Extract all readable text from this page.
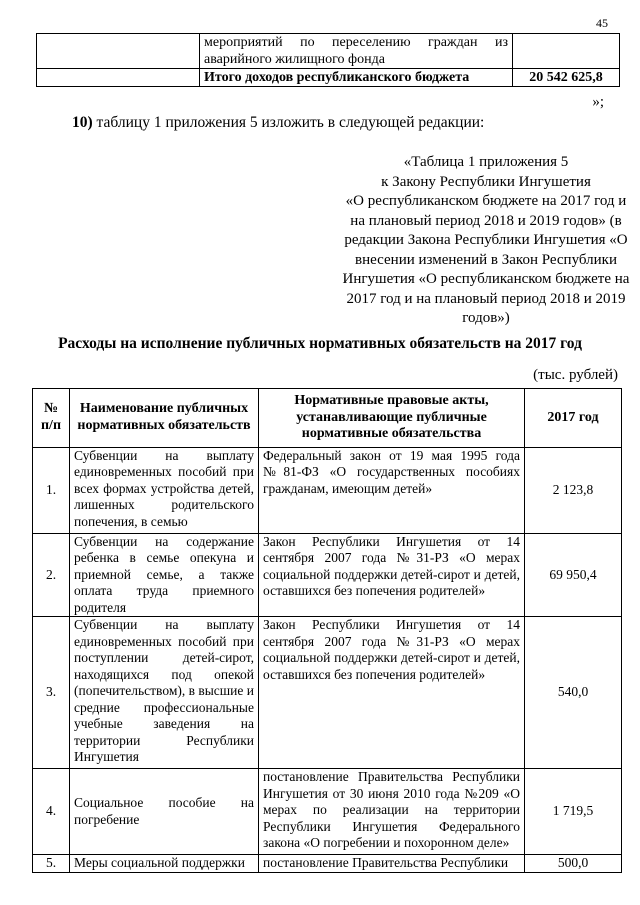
45
	мероприятий по переселению граждан из аварийного жилищного фонда	
	Итого доходов республиканского бюджета	20 542 625,8
»;
10) таблицу 1 приложения 5 изложить в следующей редакции:
«Таблица 1 приложения 5
к Закону Республики Ингушетия
«О республиканском бюджете на 2017 год и на плановый период 2018 и 2019 годов» (в редакции Закона Республики Ингушетия «О внесении изменений в Закон Республики Ингушетия «О республиканском бюджете на 2017 год и на плановый период 2018 и 2019 годов»)
Расходы на исполнение публичных нормативных обязательств на 2017 год
(тыс. рублей)
№ п/п	Наименование публичных нормативных обязательств	Нормативные правовые акты, устанавливающие публичные нормативные обязательства	2017 год
1.	Субвенции на выплату единовременных пособий при всех формах устройства детей, лишенных родительского попечения, в семью	Федеральный закон от 19 мая 1995 года №81-ФЗ «О государственных пособиях гражданам, имеющим детей»	2 123,8
2.	Субвенции на содержание ребенка в семье опекуна и приемной семье, а также оплата труда приемного родителя	Закон Республики Ингушетия от 14 сентября 2007 года №31-РЗ «О мерах социальной поддержки детей-сирот и детей, оставшихся без попечения родителей»	69 950,4
3.	Субвенции на выплату единовременных пособий при поступлении детей-сирот, находящихся под опекой (попечительством), в высшие и средние профессиональные учебные заведения на территории Республики Ингушетия	Закон Республики Ингушетия от 14 сентября 2007 года №31-РЗ «О мерах социальной поддержки детей-сирот и детей, оставшихся без попечения родителей»	540,0
4.	Социальное пособие на погребение	постановление Правительства Республики Ингушетия от 30 июня 2010 года №209 «О мерах по реализации на территории Республики Ингушетия Федерального закона «О погребении и похоронном деле»	1 719,5
5.	Меры социальной поддержки	постановление Правительства Республики	500,0
